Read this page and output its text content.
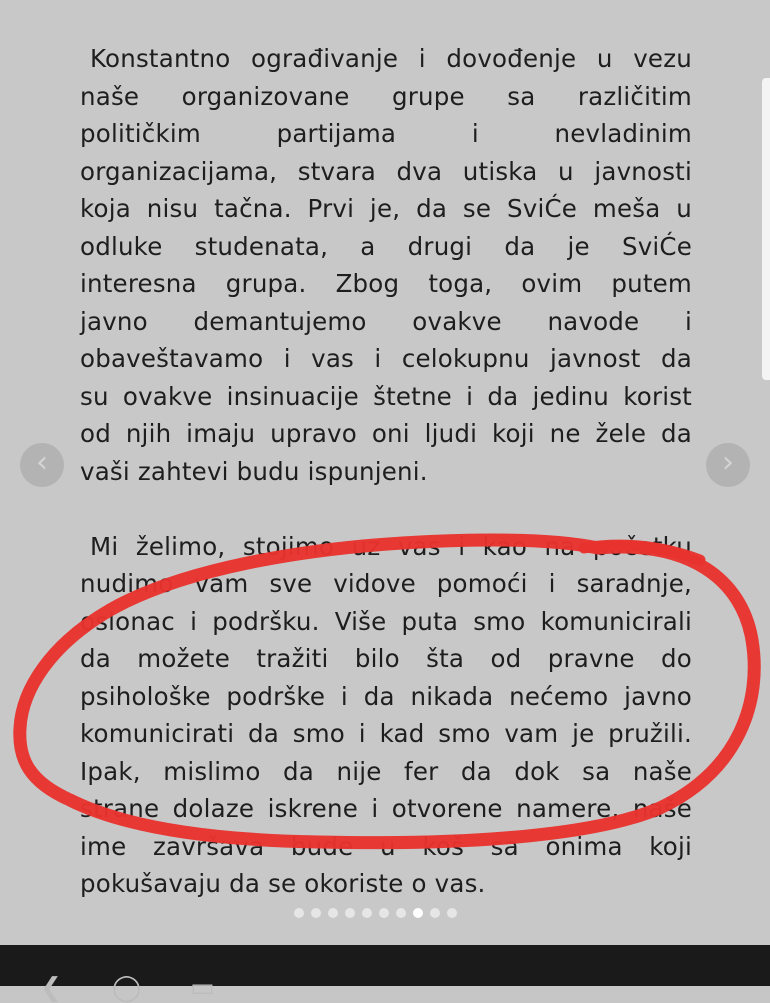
Konstantno ograđivanje i dovođenje u vezu
naše organizovane grupe sa različitim
političkim partijama i nevladinim
organizacijama, stvara dva utiska u javnosti
koja nisu tačna. Prvi je, da se SviĆe meša u
odluke studenata, a drugi da je SviĆe
interesna grupa. Zbog toga, ovim putem
javno demantujemo ovakve navode i
obaveštavamo i vas i celokupnu javnost da
su ovakve insinuacije štetne i da jedinu korist
od njih imaju upravo oni ljudi koji ne žele da
vaši zahtevi budu ispunjeni.
Mi želimo, stojimo uz vas i kao na početku
nudimo vam sve vidove pomoći i saradnje,
oslonac i podršku. Više puta smo komunicirali
da možete tražiti bilo šta od pravne do
psihološke podrške i da nikada nećemo javno
komunicirati da smo i kad smo vam je pružili.
Ipak, mislimo da nije fer da dok sa naše
strane dolaze iskrene i otvorene namere, naše
ime završava bude u koš sa onima koji
pokušavaju da se okoriste o vas.
‹	›
❮ ◯ ▭
